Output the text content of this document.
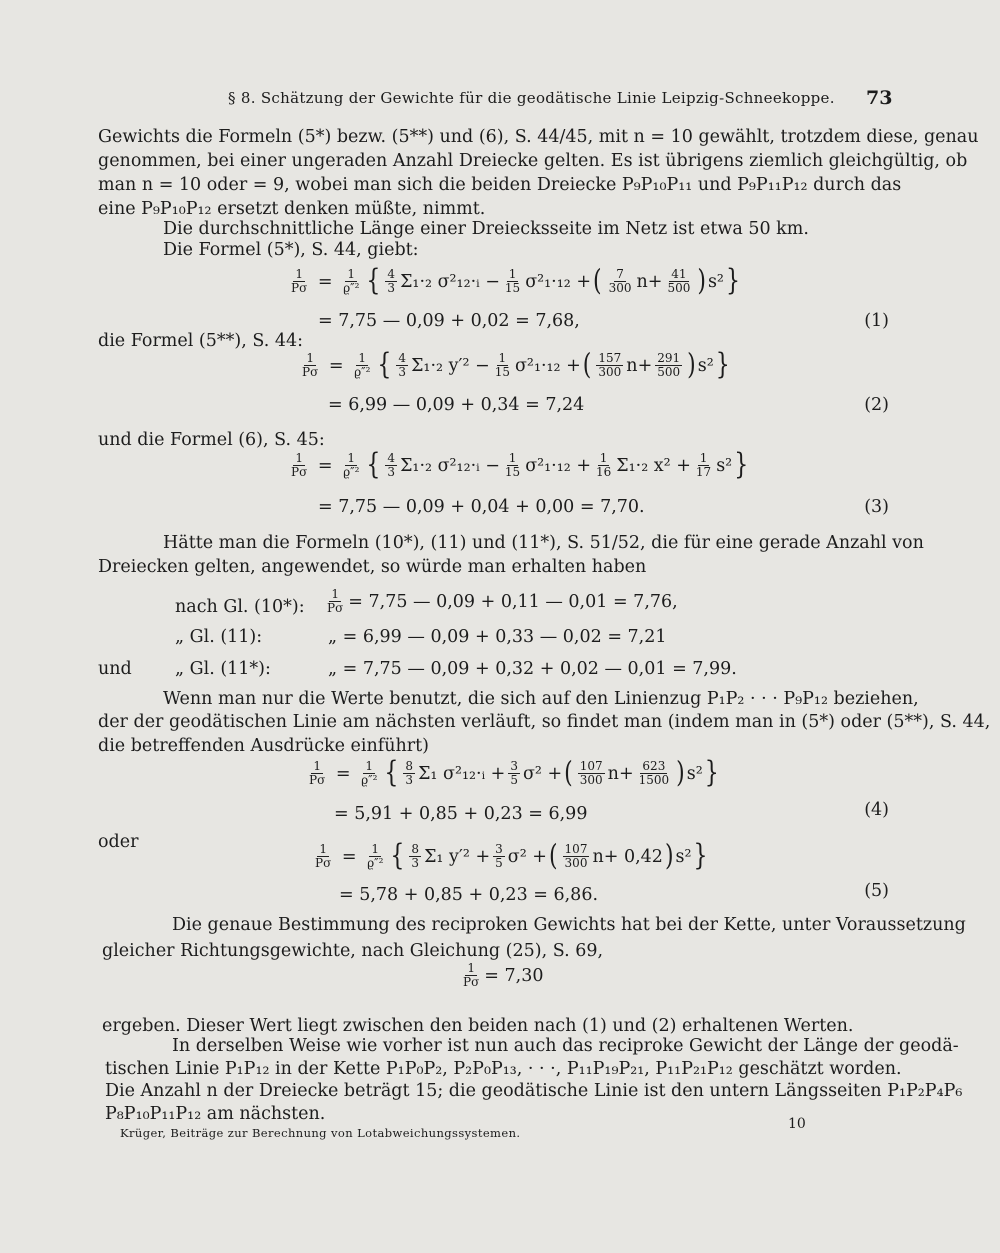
§ 8. Schätzung der Gewichte für die geodätische Linie Leipzig-Schneekoppe. 73
Gewichts die Formeln (5*) bezw. (5**) und (6), S. 44/45, mit n = 10 gewählt, trotzdem diese, genau
genommen, bei einer ungeraden Anzahl Dreiecke gelten. Es ist übrigens ziemlich gleichgültig, ob
man n = 10 oder = 9, wobei man sich die beiden Dreiecke P₉P₁₀P₁₁ und P₉P₁₁P₁₂ durch das
eine P₉P₁₀P₁₂ ersetzt denken müßte, nimmt.
Die durchschnittliche Länge einer Dreiecksseite im Netz ist etwa 50 km.
Die Formel (5*), S. 44, giebt:
$\frac{1}{P\sigma} = \frac{1}{\text{ϱ″²}}$ { $\frac{4}{3} \Sigma_1\cdot_2$ σ²₁₂·ᵢ − $\frac{1}{15} \sigma^2_1\cdot_{12}$ + ( $\frac{7}{300}$ $n + \frac{41}{500}$ ) s² }
= 7,75 — 0,09 + 0,02 = 7,68,	(1)
die Formel (5**), S. 44:
$\frac{1}{P\sigma} = \frac{1}{\text{ϱ″²}}$ { $\frac{4}{3} \Sigma_1\cdot_2$ $y'^2 - \frac{1}{15} \sigma^2_1\cdot_{12}$ + ( $\frac{157}{300}$ $n + \frac{291}{500}$ ) s² }
= 6,99 — 0,09 + 0,34 = 7,24	(2)
und die Formel (6), S. 45:
$\frac{1}{P\sigma} = \frac{1}{\text{ϱ″²}}$ { $\frac{4}{3} \Sigma_1\cdot_2$ σ²₁₂·ᵢ − $\frac{1}{15} \sigma^2_1\cdot_{12} + \frac{1}{16} \Sigma_1\cdot_2$ $x^2 + \frac{1}{17} s^2$ }
= 7,75 — 0,09 + 0,04 + 0,00 = 7,70.	(3)
Hätte man die Formeln (10*), (11) und (11*), S. 51/52, die für eine gerade Anzahl von
Dreiecken gelten, angewendet, so würde man erhalten haben
nach Gl. (10*): $\frac{1}{P\sigma} = 7,75$ — 0,09 + 0,11 — 0,01 = 7,76,
„ Gl. (11):	„ = 6,99 — 0,09 + 0,33 — 0,02 = 7,21
und „ Gl. (11*):	„ = 7,75 — 0,09 + 0,32 + 0,02 — 0,01 = 7,99.
Wenn man nur die Werte benutzt, die sich auf den Linienzug P₁P₂ · · · P₉P₁₂ beziehen,
der der geodätischen Linie am nächsten verläuft, so findet man (indem man in (5*) oder (5**), S. 44,
die betreffenden Ausdrücke einführt)
$\frac{1}{P\sigma} = \frac{1}{\text{ϱ″²}}$ { $\frac{8}{3} \Sigma_1$ σ²₁₂·ᵢ + $\frac{3}{5} \sigma^2$ + ( $\frac{107}{300}$ $n + \frac{623}{1500}$ ) s² }
= 5,91 + 0,85 + 0,23 = 6,99	(4)
oder
$\frac{1}{P\sigma} = \frac{1}{\text{ϱ″²}}$ { $\frac{8}{3} \Sigma_1$ $y'^2 + \frac{3}{5} \sigma^2$ + ( $\frac{107}{300}$ n + 0,42 ) s² }
= 5,78 + 0,85 + 0,23 = 6,86.	(5)
Die genaue Bestimmung des reciproken Gewichts hat bei der Kette, unter Voraussetzung
gleicher Richtungsgewichte, nach Gleichung (25), S. 69,
$\frac{1}{P\sigma} = 7,30$
ergeben. Dieser Wert liegt zwischen den beiden nach (1) und (2) erhaltenen Werten.
In derselben Weise wie vorher ist nun auch das reciproke Gewicht der Länge der geodä-
tischen Linie P₁P₁₂ in der Kette P₁P₀P₂, P₂P₀P₁₃, · · ·, P₁₁P₁₉P₂₁, P₁₁P₂₁P₁₂ geschätzt worden.
Die Anzahl n der Dreiecke beträgt 15; die geodätische Linie ist den untern Längsseiten P₁P₂P₄P₆
P₈P₁₀P₁₁P₁₂ am nächsten.
Krüger, Beiträge zur Berechnung von Lotabweichungssystemen.
10
